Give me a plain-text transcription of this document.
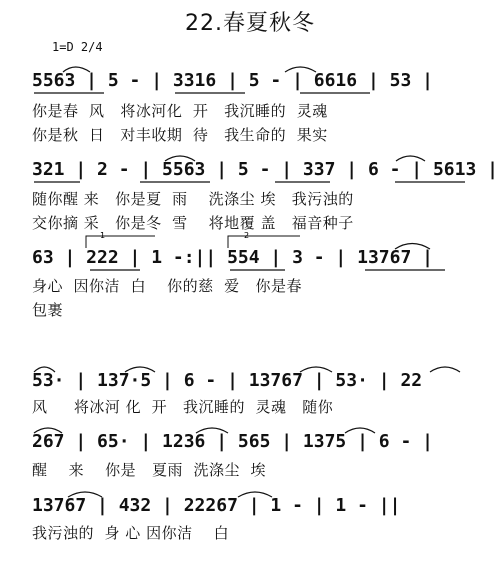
22.春夏秋冬
1=D 2/4
5563 | 5 - | 3316 | 5 - | 6616 | 53 |
你是春  风   将冰河化  开   我沉睡的  灵魂
你是秋  日   对丰收期  待   我生命的  果实
321 | 2 - | 5563 | 5 - | 337 | 6 - | 5613 |
随你醒 来   你是夏  雨    洗涤尘 埃   我污浊的
交你摘 采   你是冬  雪    将地覆 盖   福音种子
63 | 222 | 1 -:|| 554 | 3 - | 13767 |
身心  因你洁  白    你的慈  爱   你是春
包裹
53· | 137·5 | 6 - | 13767 | 53· | 22
风     将冰河 化  开   我沉睡的  灵魂   随你
267 | 65· | 1236 | 565 | 1375 | 6 - |
醒    来    你是   夏雨  洗涤尘  埃
13767 | 432 | 22267 | 1 - | 1 - ||
我污浊的  身 心 因你洁    白
1	2
